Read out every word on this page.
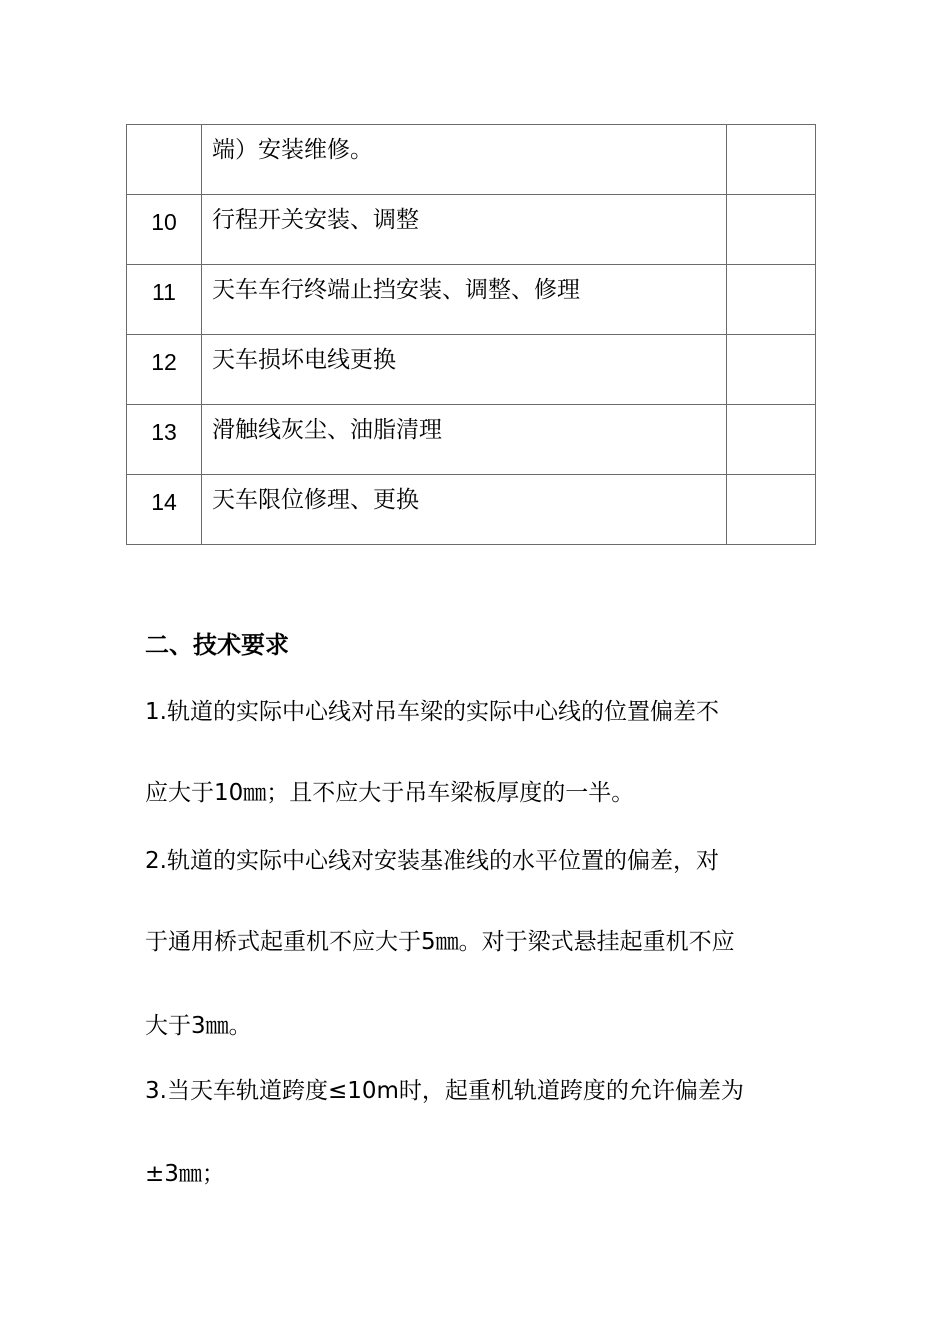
	端）安装维修。	

10	行程开关安装、调整	

11	天车车行终端止挡安装、调整、修理	

12	天车损坏电线更换	

13	滑触线灰尘、油脂清理	

14	天车限位修理、更换	

二、技术要求
1.轨道的实际中心线对吊车梁的实际中心线的位置偏差不
应大于10㎜；且不应大于吊车梁板厚度的一半。
2.轨道的实际中心线对安装基准线的水平位置的偏差，对
于通用桥式起重机不应大于5㎜。对于梁式悬挂起重机不应
大于3㎜。
3.当天车轨道跨度≤10m时，起重机轨道跨度的允许偏差为
±3㎜；
